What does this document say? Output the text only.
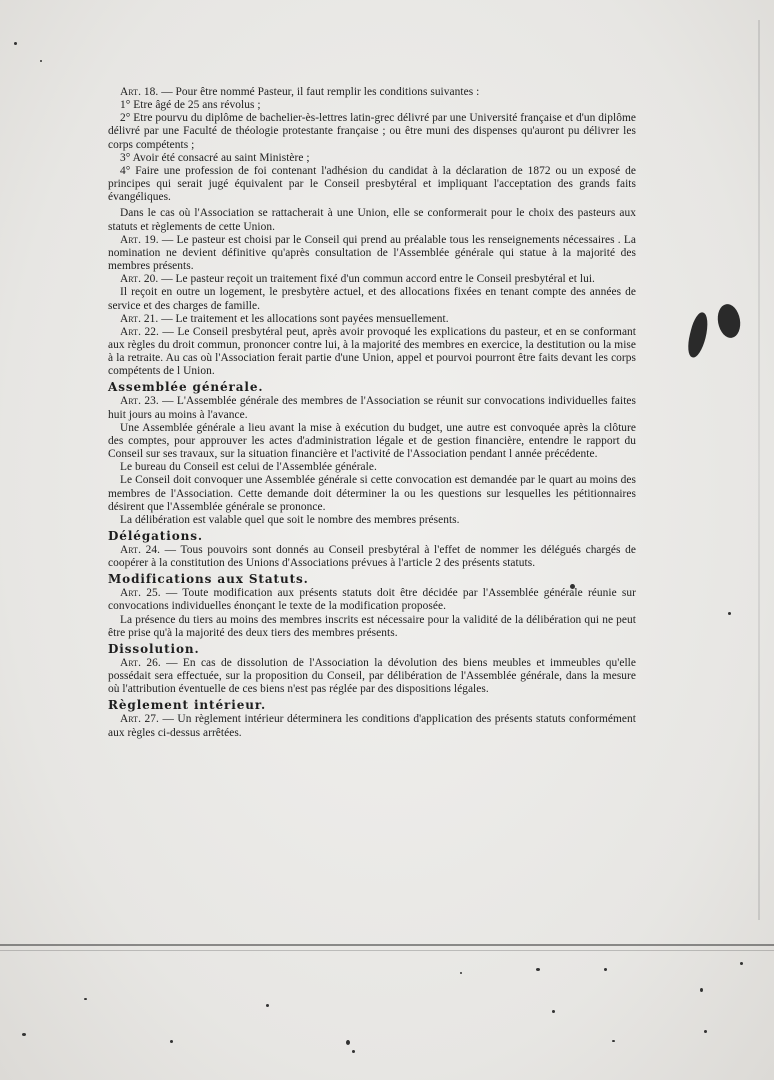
Art. 18. — Pour être nommé Pasteur, il faut remplir les conditions suivantes :

1° Etre âgé de 25 ans révolus ;

2° Etre pourvu du diplôme de bachelier-ès-lettres latin-grec délivré par une Université française et d'un diplôme délivré par une Faculté de théologie protestante française ; ou être muni des dispenses qu'auront pu délivrer les corps compétents ;

3° Avoir été consacré au saint Ministère ;

4° Faire une profession de foi contenant l'adhésion du candidat à la déclaration de 1872 ou un exposé de principes qui serait jugé équivalent par le Conseil presbytéral et impliquant l'acceptation des grands faits évangéliques.

Dans le cas où l'Association se rattacherait à une Union, elle se conformerait pour le choix des pasteurs aux statuts et règlements de cette Union.

Art. 19. — Le pasteur est choisi par le Conseil qui prend au préalable tous les renseignements nécessaires . La nomination ne devient définitive qu'après consultation de l'Assemblée générale qui statue à la majorité des membres présents.

Art. 20. — Le pasteur reçoit un traitement fixé d'un commun accord entre le Conseil presbytéral et lui.

Il reçoit en outre un logement, le presbytère actuel, et des allocations fixées en tenant compte des années de service et des charges de famille.

Art. 21. — Le traitement et les allocations sont payées mensuellement.

Art. 22. — Le Conseil presbytéral peut, après avoir provoqué les explications du pasteur, et en se conformant aux règles du droit commun, prononcer contre lui, à la majorité des membres en exercice, la destitution ou la mise à la retraite. Au cas où l'Association ferait partie d'une Union, appel et pourvoi pourront être faits devant les corps compétents de l Union.

Assemblée générale.

Art. 23. — L'Assemblée générale des membres de l'Association se réunit sur convocations individuelles faites huit jours au moins à l'avance.

Une Assemblée générale a lieu avant la mise à exécution du budget, une autre est convoquée après la clôture des comptes, pour approuver les actes d'administration légale et de gestion financière, entendre le rapport du Conseil sur ses travaux, sur la situation financière et l'activité de l'Association pendant l année précédente.

Le bureau du Conseil est celui de l'Assemblée générale.

Le Conseil doit convoquer une Assemblée générale si cette convocation est demandée par le quart au moins des membres de l'Association. Cette demande doit déterminer la ou les questions sur lesquelles les pétitionnaires désirent que l'Assemblée générale se prononce.

La délibération est valable quel que soit le nombre des membres présents.

Délégations.

Art. 24. — Tous pouvoirs sont donnés au Conseil presbytéral à l'effet de nommer les délégués chargés de coopérer à la constitution des Unions d'Associations prévues à l'article 2 des présents statuts.

Modifications aux Statuts.

Art. 25. — Toute modification aux présents statuts doit être décidée par l'Assemblée générale réunie sur convocations individuelles énonçant le texte de la modification proposée.

La présence du tiers au moins des membres inscrits est nécessaire pour la validité de la délibération qui ne peut être prise qu'à la majorité des deux tiers des membres présents.

Dissolution.

Art. 26. — En cas de dissolution de l'Association la dévolution des biens meubles et immeubles qu'elle possédait sera effectuée, sur la proposition du Conseil, par délibération de l'Assemblée générale, dans la mesure où l'attribution éventuelle de ces biens n'est pas réglée par des dispositions légales.

Règlement intérieur.

Art. 27. — Un règlement intérieur déterminera les conditions d'application des présents statuts conformément aux règles ci-dessus arrêtées.
